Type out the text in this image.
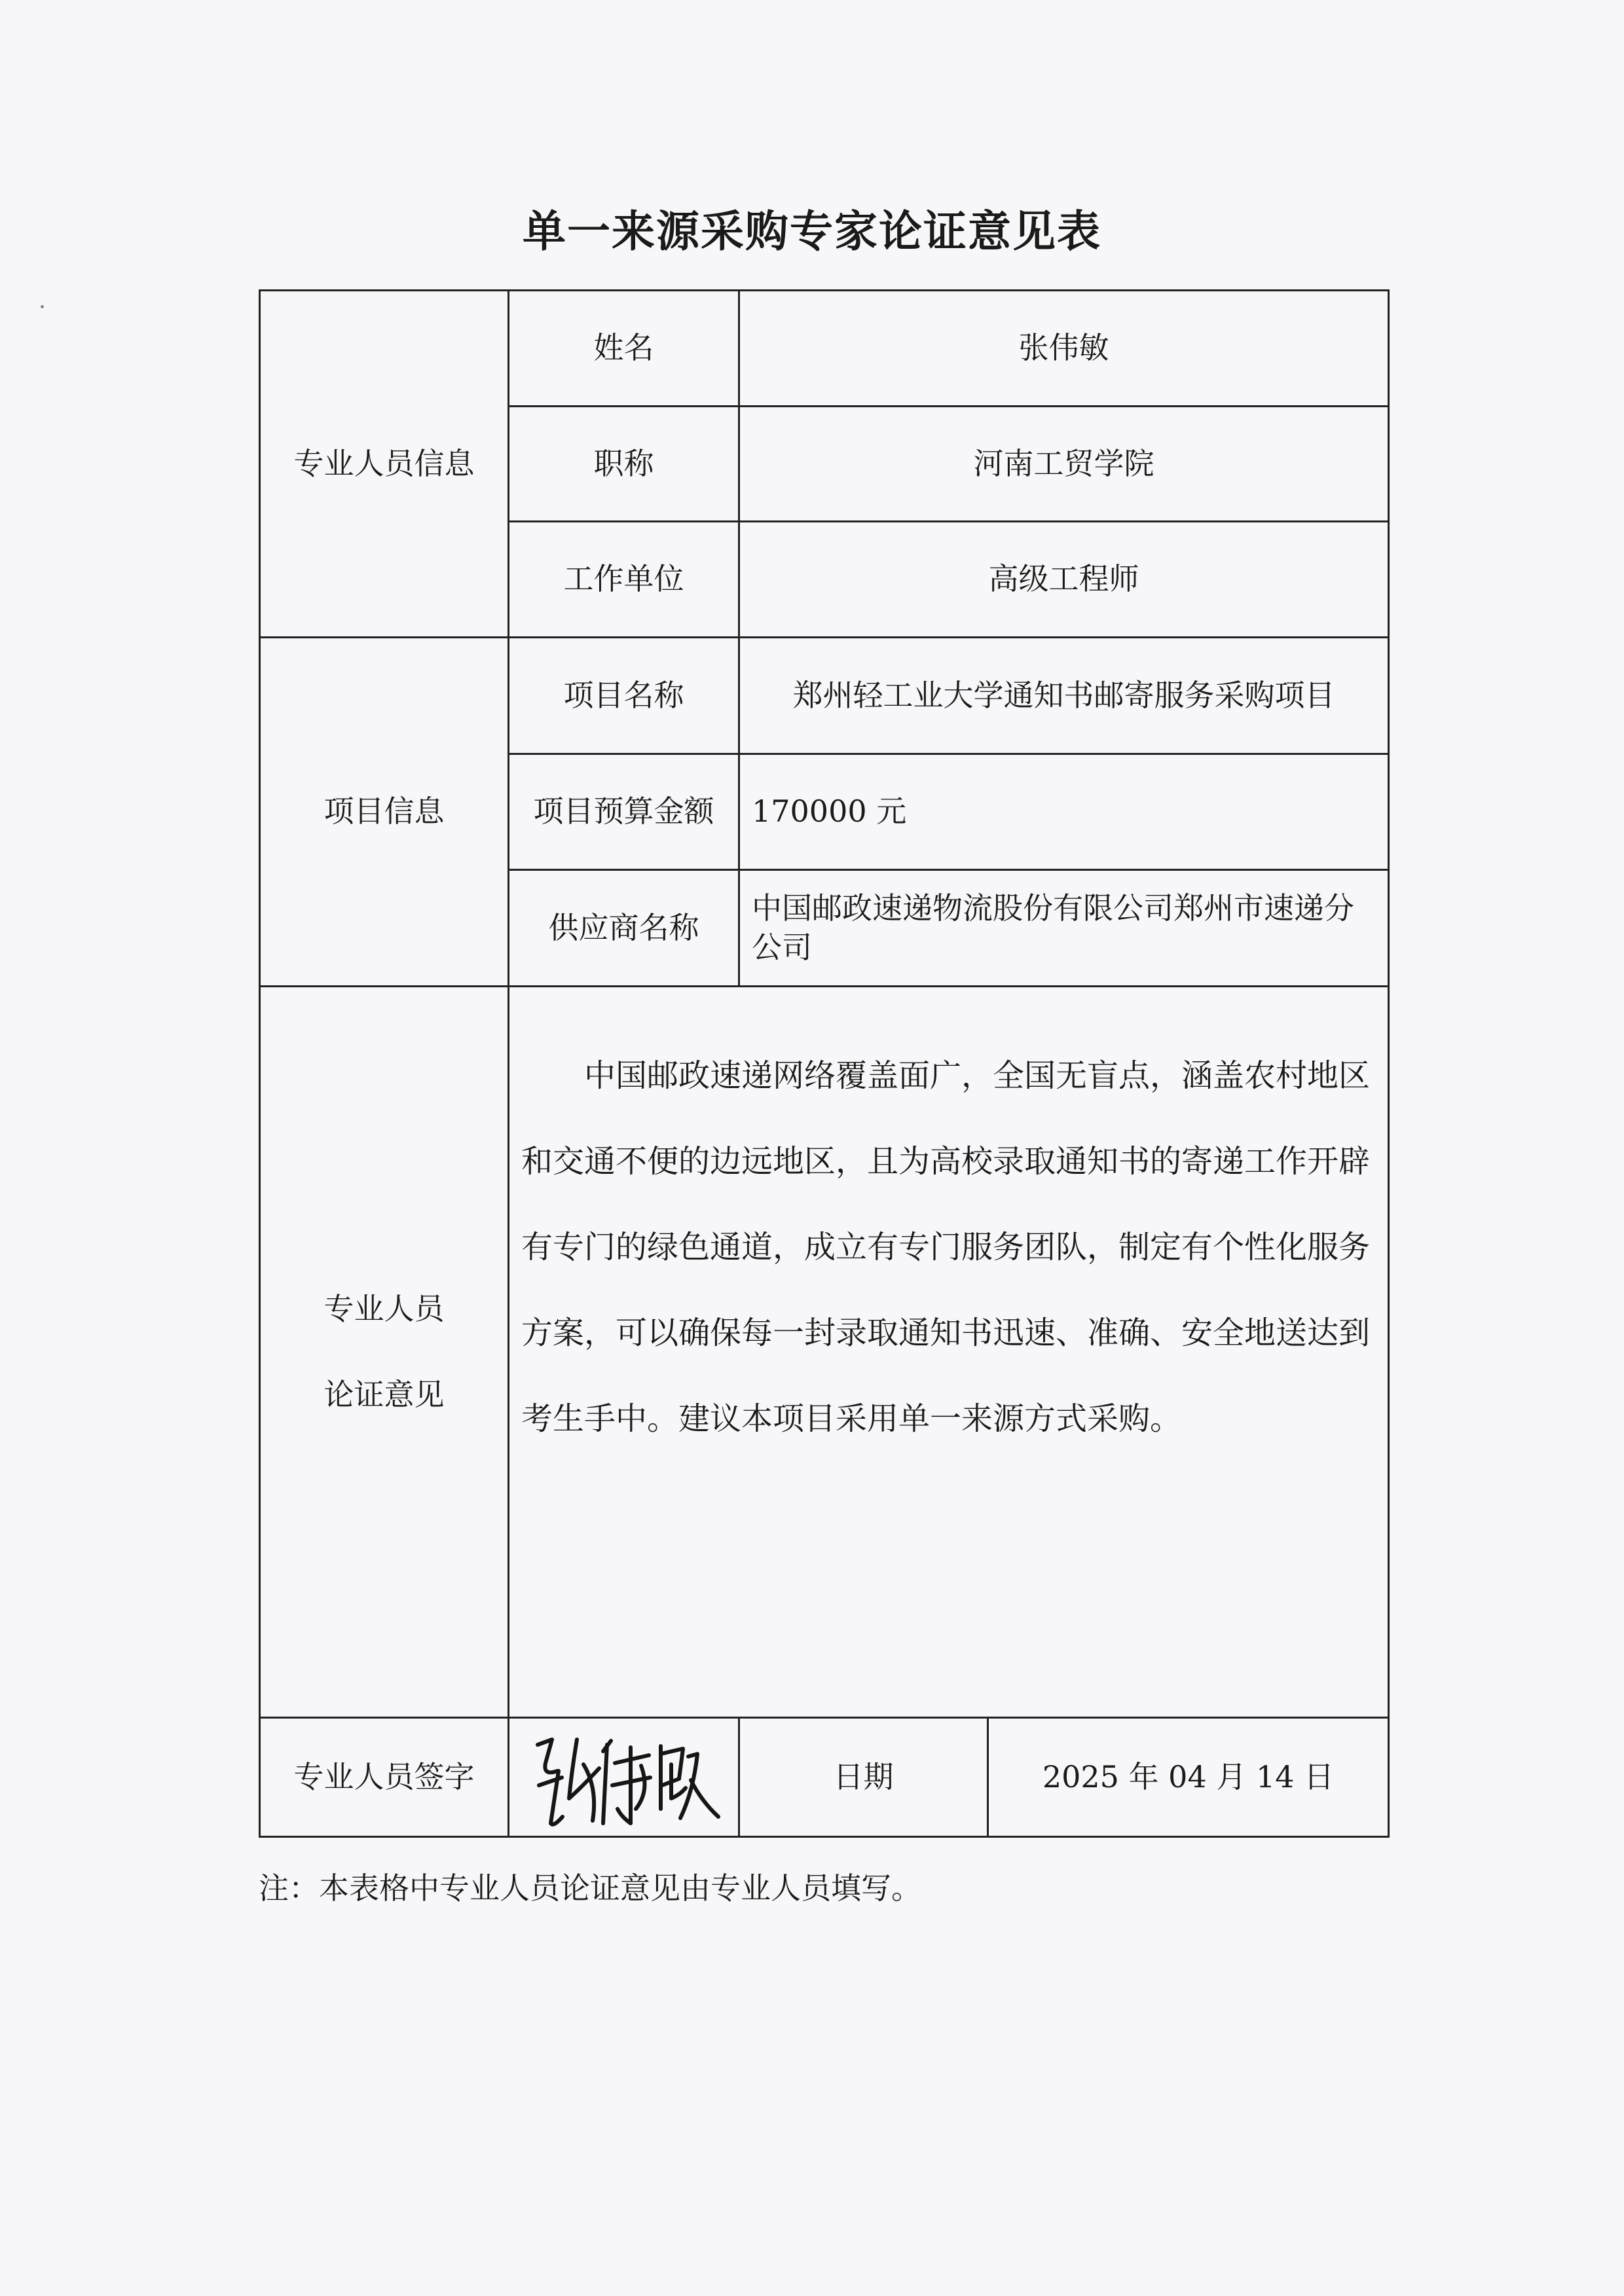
单一来源采购专家论证意见表
专业人员信息	姓名	张伟敏	
	职称	河南工贸学院	
	工作单位	高级工程师	
项目信息	项目名称	郑州轻工业大学通知书邮寄服务采购项目	
	项目预算金额	170000 元	
	供应商名称	中国邮政速递物流股份有限公司郑州市速递分公司	
专业人员
论证意见	中国邮政速递网络覆盖面广，全国无盲点，涵盖农村地区和交通不便的边远地区，且为高校录取通知书的寄递工作开辟有专门的绿色通道，成立有专门服务团队，制定有个性化服务方案，可以确保每一封录取通知书迅速、准确、安全地送达到考生手中。建议本项目采用单一来源方式采购。		
专业人员签字		日期	2025 年 04 月 14 日
注：本表格中专业人员论证意见由专业人员填写。
